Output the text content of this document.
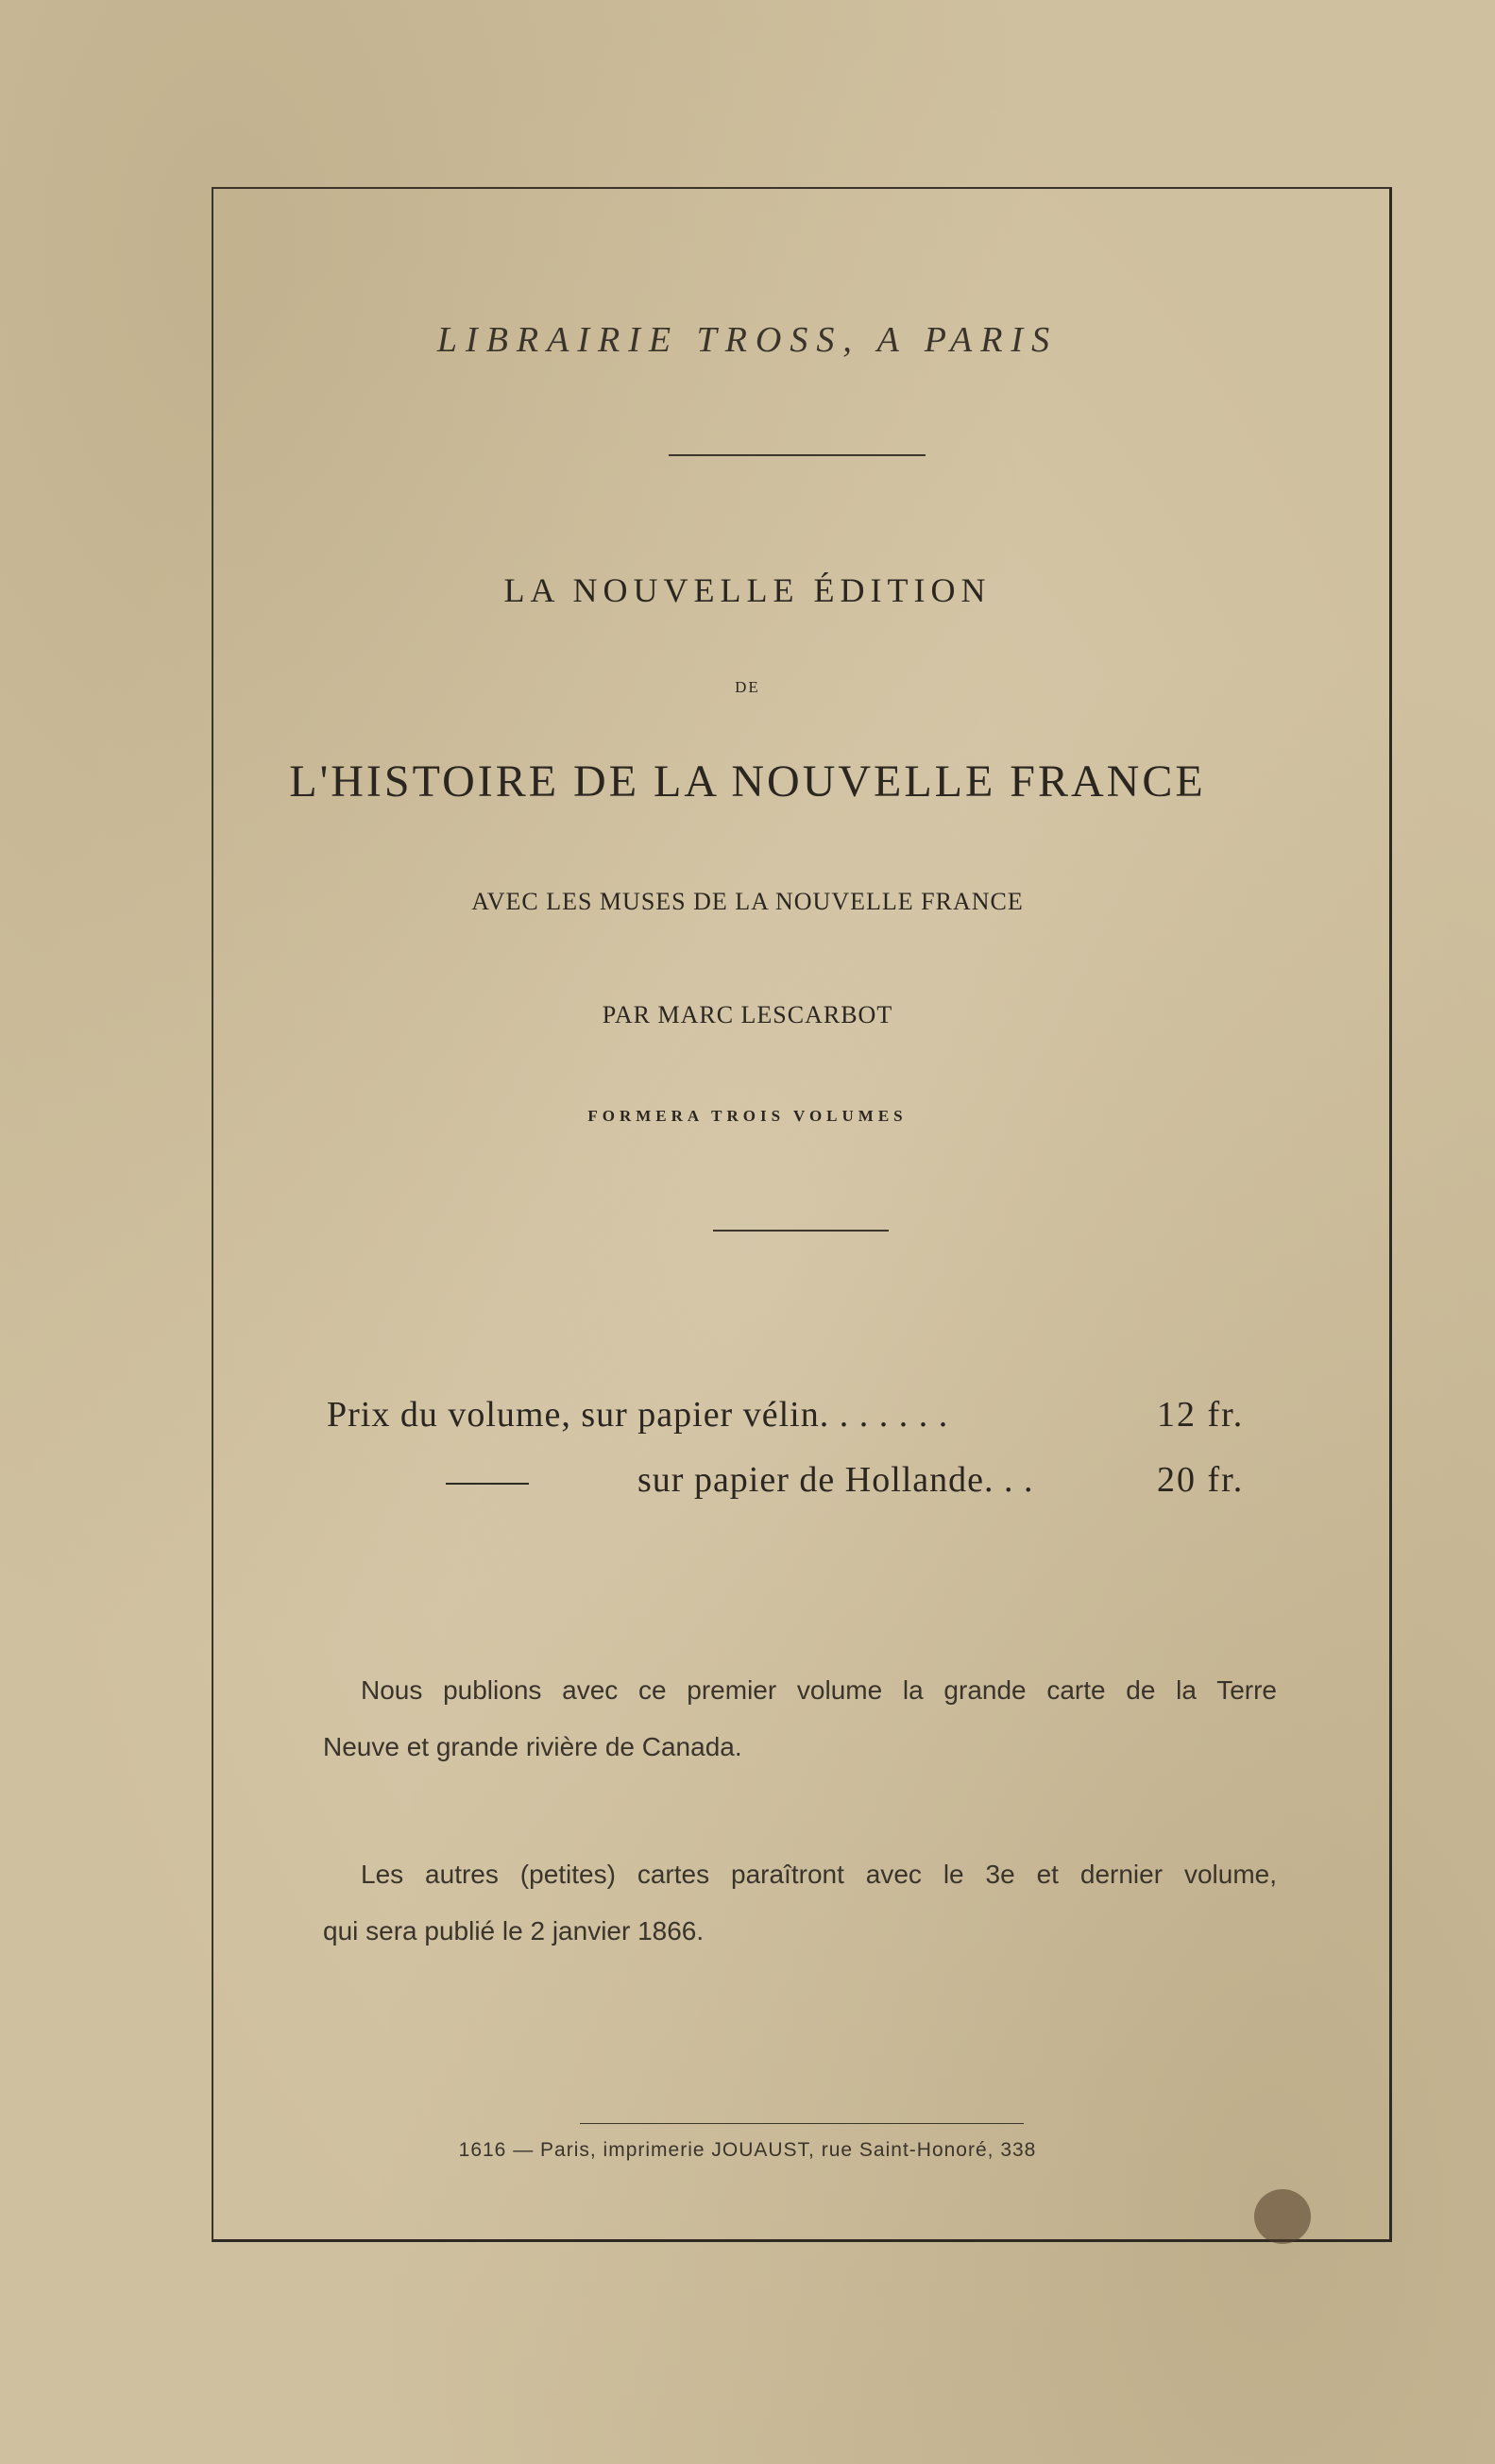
LIBRAIRIE TROSS, A PARIS
LA NOUVELLE ÉDITION
DE
L'HISTOIRE DE LA NOUVELLE FRANCE
AVEC LES MUSES DE LA NOUVELLE FRANCE
PAR MARC LESCARBOT
FORMERA TROIS VOLUMES
Prix du volume, sur papier vélin. . . . . . .	12 fr.
sur papier de Hollande. . .	20 fr.
Nous publions avec ce premier volume la grande carte de la Terre
Neuve et grande rivière de Canada.
Les autres (petites) cartes paraîtront avec le 3e et dernier volume,
qui sera publié le 2 janvier 1866.
1616 — Paris, imprimerie JOUAUST, rue Saint-Honoré, 338
